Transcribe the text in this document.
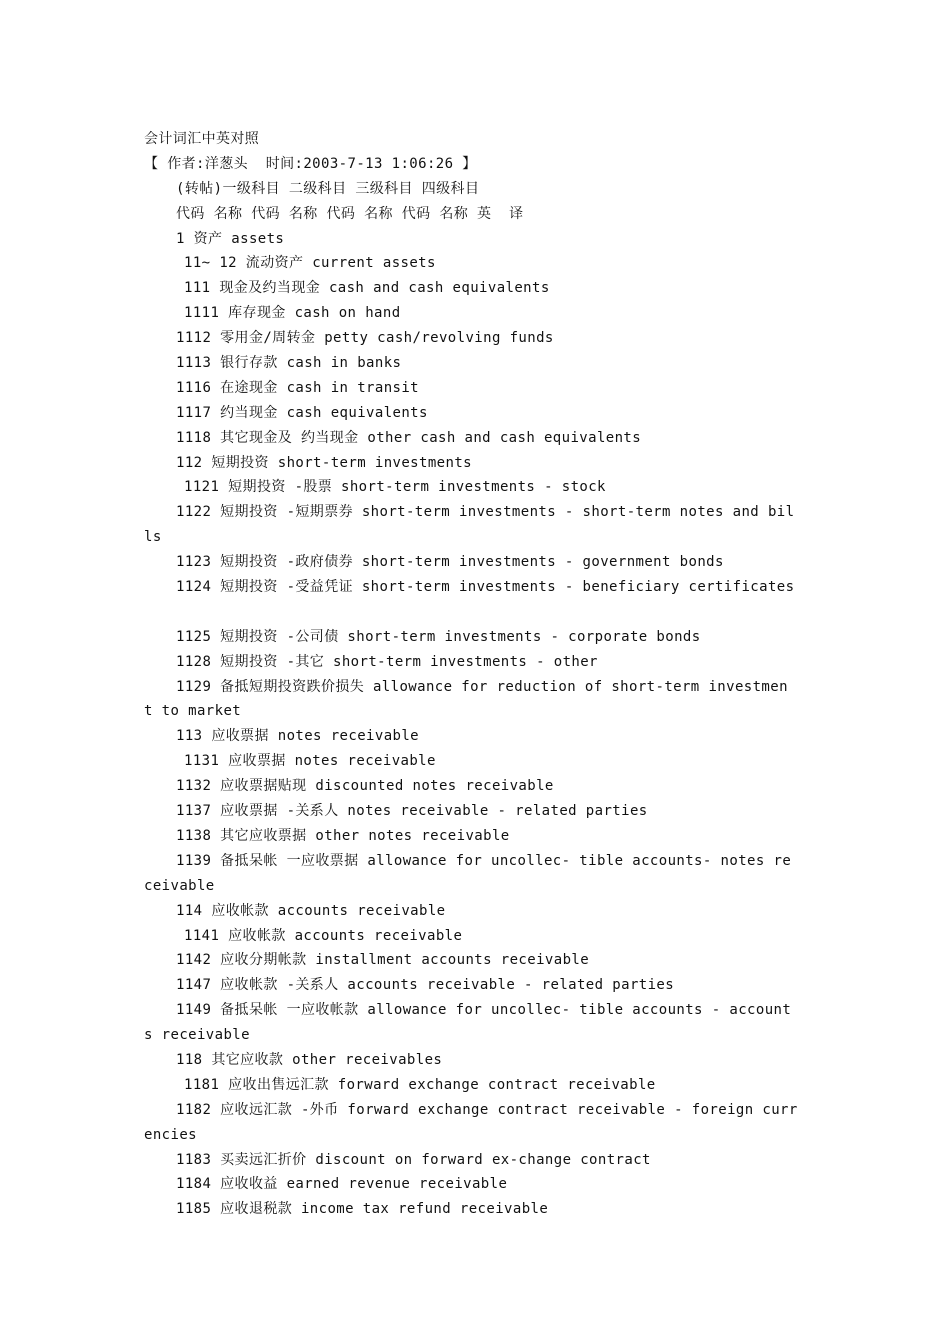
会计词汇中英对照
【 作者:洋葱头  时间:2003-7-13 1:06:26 】
(转帖)一级科目 二级科目 三级科目 四级科目
代码 名称 代码 名称 代码 名称 代码 名称 英  译
1 资产 assets
11~ 12 流动资产 current assets
111 现金及约当现金 cash and cash equivalents
1111 库存现金 cash on hand
1112 零用金/周转金 petty cash/revolving funds
1113 银行存款 cash in banks
1116 在途现金 cash in transit
1117 约当现金 cash equivalents
1118 其它现金及 约当现金 other cash and cash equivalents
112 短期投资 short-term investments
1121 短期投资 -股票 short-term investments - stock
1122 短期投资 -短期票券 short-term investments - short-term notes and bil
ls
1123 短期投资 -政府债券 short-term investments - government bonds
1124 短期投资 -受益凭证 short-term investments - beneficiary certificates
1125 短期投资 -公司债 short-term investments - corporate bonds
1128 短期投资 -其它 short-term investments - other
1129 备抵短期投资跌价损失 allowance for reduction of short-term investmen
t to market
113 应收票据 notes receivable
1131 应收票据 notes receivable
1132 应收票据贴现 discounted notes receivable
1137 应收票据 -关系人 notes receivable - related parties
1138 其它应收票据 other notes receivable
1139 备抵呆帐 一应收票据 allowance for uncollec- tible accounts- notes re
ceivable
114 应收帐款 accounts receivable
1141 应收帐款 accounts receivable
1142 应收分期帐款 installment accounts receivable
1147 应收帐款 -关系人 accounts receivable - related parties
1149 备抵呆帐 一应收帐款 allowance for uncollec- tible accounts - account
s receivable
118 其它应收款 other receivables
1181 应收出售远汇款 forward exchange contract receivable
1182 应收远汇款 -外币 forward exchange contract receivable - foreign curr
encies
1183 买卖远汇折价 discount on forward ex-change contract
1184 应收收益 earned revenue receivable
1185 应收退税款 income tax refund receivable
